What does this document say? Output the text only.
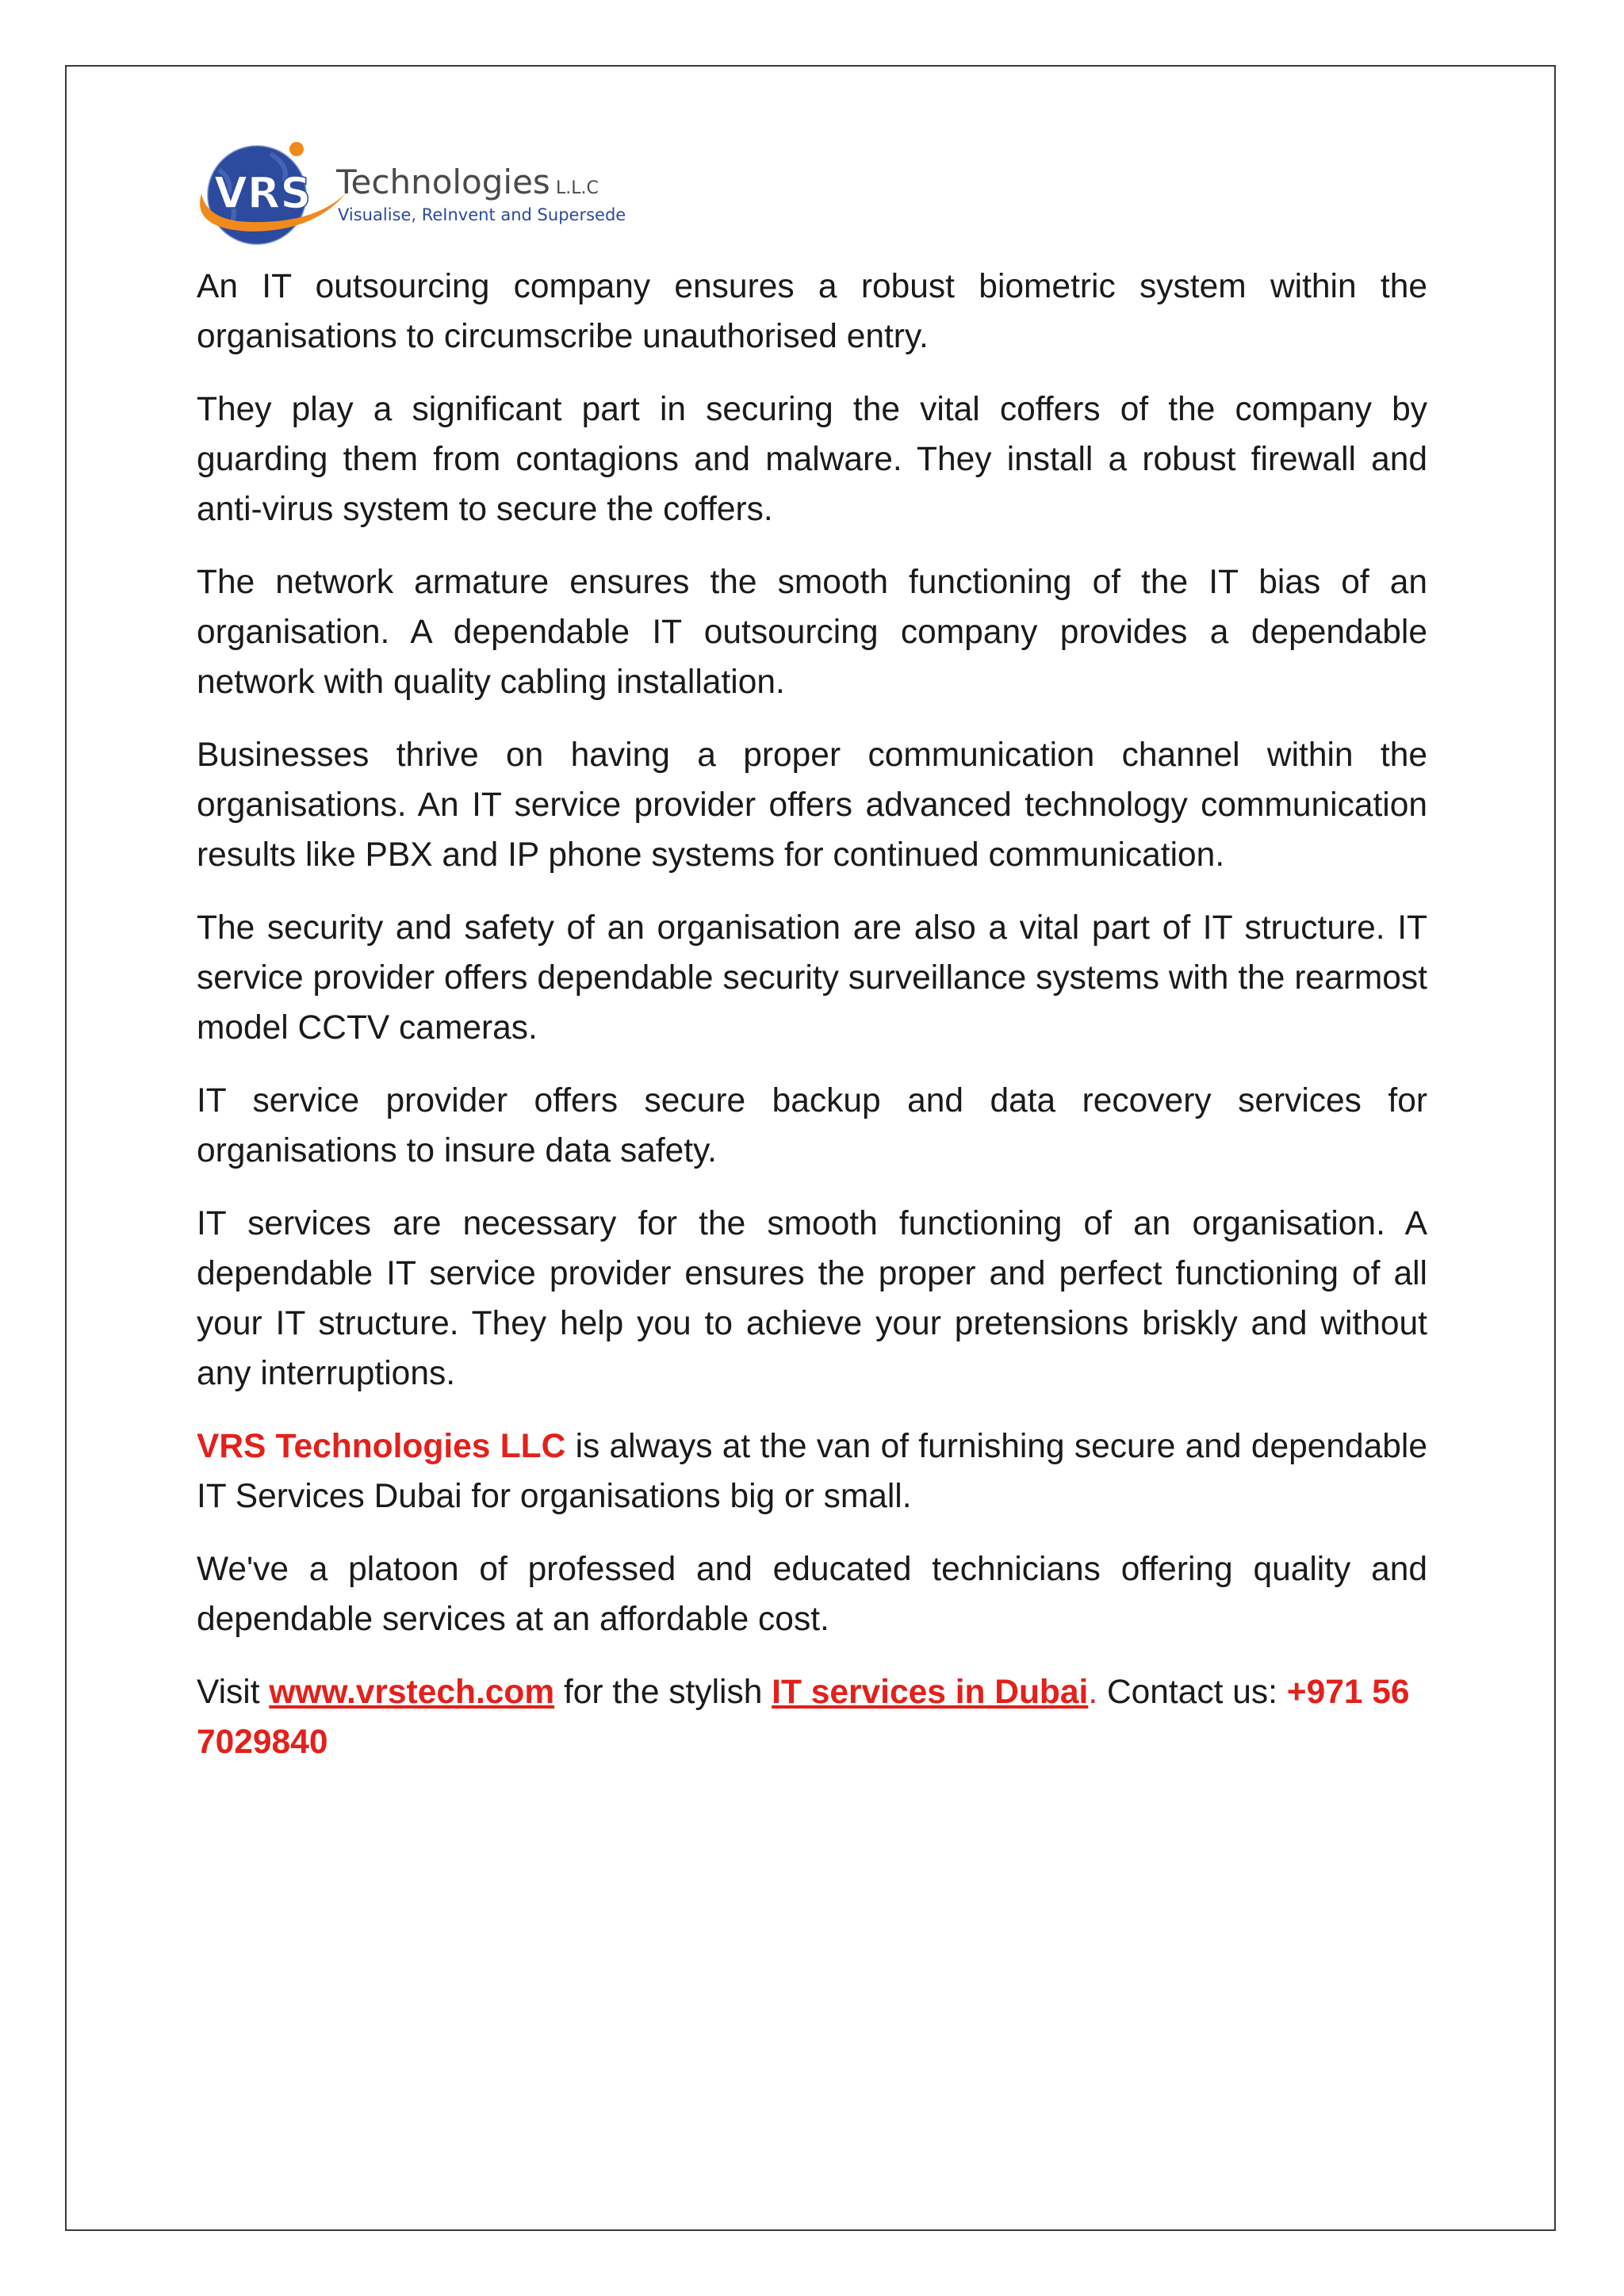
VRS Technologies L.L.C
Visualise, ReInvent and Supersede

An IT outsourcing company ensures a robust biometric system within the organisations to circumscribe unauthorised entry.

They play a significant part in securing the vital coffers of the company by guarding them from contagions and malware. They install a robust firewall and anti-virus system to secure the coffers.

The network armature ensures the smooth functioning of the IT bias of an organisation. A dependable IT outsourcing company provides a dependable network with quality cabling installation.

Businesses thrive on having a proper communication channel within the organisations. An IT service provider offers advanced technology communication results like PBX and IP phone systems for continued communication.

The security and safety of an organisation are also a vital part of IT structure. IT service provider offers dependable security surveillance systems with the rearmost model CCTV cameras.

IT service provider offers secure backup and data recovery services for organisations to insure data safety.

IT services are necessary for the smooth functioning of an organisation. A dependable IT service provider ensures the proper and perfect functioning of all your IT structure. They help you to achieve your pretensions briskly and without any interruptions.

VRS Technologies LLC is always at the van of furnishing secure and dependable IT Services Dubai for organisations big or small.

We've a platoon of professed and educated technicians offering quality and dependable services at an affordable cost.

Visit www.vrstech.com for the stylish IT services in Dubai. Contact us: +971 56 7029840
